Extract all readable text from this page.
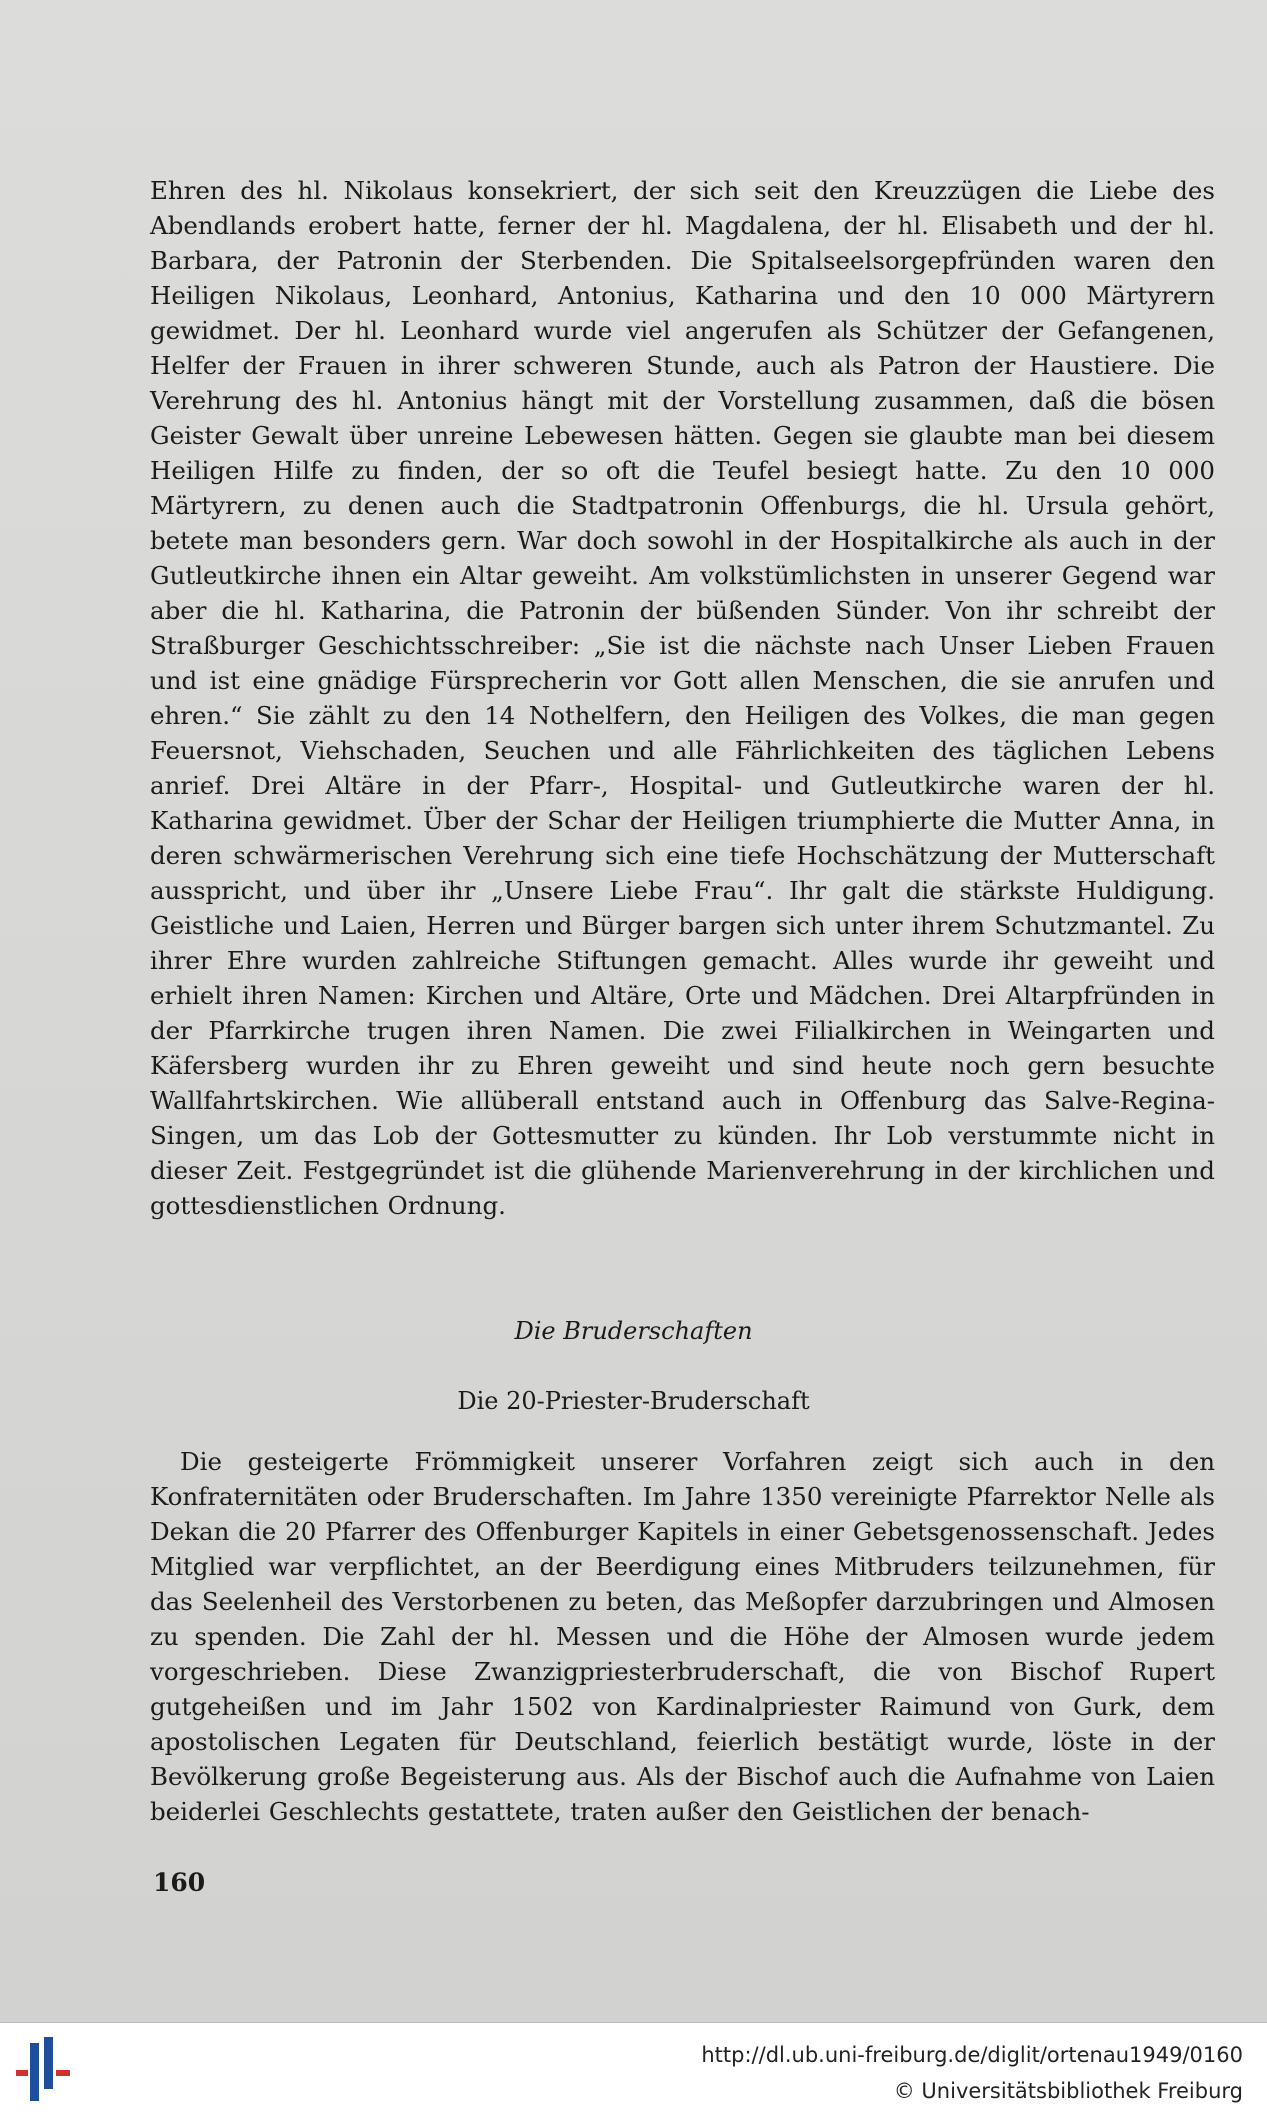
Ehren des hl. Nikolaus konsekriert, der sich seit den Kreuzzügen die Liebe des Abendlands erobert hatte, ferner der hl. Magdalena, der hl. Elisabeth und der hl. Barbara, der Patronin der Sterbenden. Die Spitalseelsorgepfründen waren den Heiligen Nikolaus, Leonhard, Antonius, Katharina und den 10 000 Märtyrern gewidmet. Der hl. Leonhard wurde viel angerufen als Schützer der Gefangenen, Helfer der Frauen in ihrer schweren Stunde, auch als Patron der Haustiere. Die Verehrung des hl. Antonius hängt mit der Vorstellung zusammen, daß die bösen Geister Gewalt über unreine Lebewesen hätten. Gegen sie glaubte man bei diesem Heiligen Hilfe zu finden, der so oft die Teufel besiegt hatte. Zu den 10 000 Märtyrern, zu denen auch die Stadtpatronin Offenburgs, die hl. Ursula gehört, betete man besonders gern. War doch sowohl in der Hospitalkirche als auch in der Gutleutkirche ihnen ein Altar geweiht. Am volkstümlichsten in unserer Gegend war aber die hl. Katharina, die Patronin der büßenden Sünder. Von ihr schreibt der Straßburger Geschichtsschreiber: „Sie ist die nächste nach Unser Lieben Frauen und ist eine gnädige Fürsprecherin vor Gott allen Menschen, die sie anrufen und ehren.“ Sie zählt zu den 14 Nothelfern, den Heiligen des Volkes, die man gegen Feuersnot, Viehschaden, Seuchen und alle Fährlichkeiten des täglichen Lebens anrief. Drei Altäre in der Pfarr-, Hospital- und Gutleutkirche waren der hl. Katharina gewidmet. Über der Schar der Heiligen triumphierte die Mutter Anna, in deren schwärmerischen Verehrung sich eine tiefe Hochschätzung der Mutterschaft ausspricht, und über ihr „Unsere Liebe Frau“. Ihr galt die stärkste Huldigung. Geistliche und Laien, Herren und Bürger bargen sich unter ihrem Schutzmantel. Zu ihrer Ehre wurden zahlreiche Stiftungen gemacht. Alles wurde ihr geweiht und erhielt ihren Namen: Kirchen und Altäre, Orte und Mädchen. Drei Altarpfründen in der Pfarrkirche trugen ihren Namen. Die zwei Filialkirchen in Weingarten und Käfersberg wurden ihr zu Ehren geweiht und sind heute noch gern besuchte Wallfahrtskirchen. Wie allüberall entstand auch in Offenburg das Salve-Regina-Singen, um das Lob der Gottesmutter zu künden. Ihr Lob verstummte nicht in dieser Zeit. Festgegründet ist die glühende Marienverehrung in der kirchlichen und gottesdienstlichen Ordnung.

Die Bruderschaften
Die 20-Priester-Bruderschaft

Die gesteigerte Frömmigkeit unserer Vorfahren zeigt sich auch in den Konfraternitäten oder Bruderschaften. Im Jahre 1350 vereinigte Pfarrektor Nelle als Dekan die 20 Pfarrer des Offenburger Kapitels in einer Gebetsgenossenschaft. Jedes Mitglied war verpflichtet, an der Beerdigung eines Mitbruders teilzunehmen, für das Seelenheil des Verstorbenen zu beten, das Meßopfer darzubringen und Almosen zu spenden. Die Zahl der hl. Messen und die Höhe der Almosen wurde jedem vorgeschrieben. Diese Zwanzigpriesterbruderschaft, die von Bischof Rupert gutgeheißen und im Jahr 1502 von Kardinalpriester Raimund von Gurk, dem apostolischen Legaten für Deutschland, feierlich bestätigt wurde, löste in der Bevölkerung große Begeisterung aus. Als der Bischof auch die Aufnahme von Laien beiderlei Geschlechts gestattete, traten außer den Geistlichen der benach-

160
http://dl.ub.uni-freiburg.de/diglit/ortenau1949/0160
© Universitätsbibliothek Freiburg
